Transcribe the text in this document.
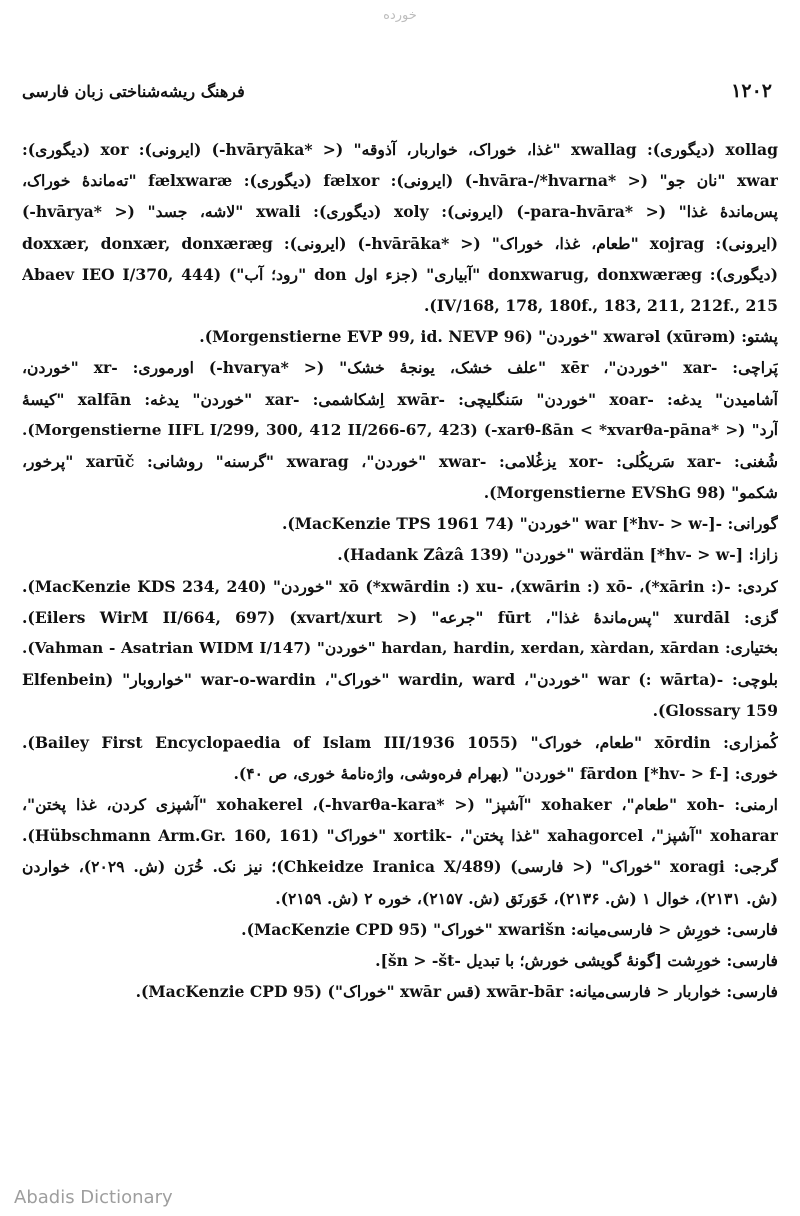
خورده
فرهنگ ریشه‌شناختی زبان فارسی	۱۲۰۲
xollag (دیگوری): xwallag "غذا، خوراک، خواربار، آذوقه" (< *hvāryāka-) (ایرونی): xor (دیگوری):
xwar "نان جو" (< *hvāra-/*hvarna-) (ایرونی): fælxor (دیگوری): fælxwaræ "ته‌ماندهٔ خوراک،
پس‌ماندهٔ غذا" (< *para-hvāra-) (ایرونی): xoly (دیگوری): xwali "لاشه، جسد" (< *hvārya-)
(ایرونی): xojrag "طعام، غذا، خوراک" (< *hvārāka-) (ایرونی): doxxær, donxær, donxæræg
(دیگوری): donxwarug, donxwæræg "آبیاری" (جزء اول don "رود؛ آب") (Abaev IEO I/370, 444
IV/168, 178, 180f., 183, 211, 212f., 215).
پشتو: xwarəl (xūrəm) "خوردن" (Morgenstierne EVP 99, id. NEVP 96).
پَراچی: -xar "خوردن"، xēr "علف خشک، یونجهٔ خشک" (< *hvarya-) اورموری: -xr "خوردن،
آشامیدن" یدغه: -xoar "خوردن" سَنگلیچی: -xwār اِشکاشمی: -xar "خوردن" یدغه: xalfān "کیسهٔ
آرد" (< *xarθ-ßān < *xvarθa-pāna-) (Morgenstierne IIFL I/299, 300, 412 II/266-67, 423).
شُغنی: -xar سَریکُلی: -xor یزغُلامی: -xwar "خوردن"، xwarag "گرسنه" روشانی: xarūč "پرخور،
شکمو" (Morgenstierne EVShG 98).
گورانی: -war [*hv- > w-] "خوردن" (MacKenzie TPS 1961 74).
زازا: wärdän [*hv- > w-] "خوردن" (Hadank Zâzâ 139).
کردی: -xō (*xwārdin :) xu- ،(xwārin :) xō- ،(*xārin :) "خوردن" (MacKenzie KDS 234, 240).
گزی: xurdāl "پس‌ماندهٔ غذا"، fūrt "جرعه" (< xvart/xurt) (Eilers WirM II/664, 697).
بختیاری: hardan, hardin, xerdan, xàrdan, xārdan "خوردن" (Vahman - Asatrian WIDM I/147).
بلوچی: -war (: wārta) "خوردن"، wardin, ward "خوراک"، war-o-wardin "خواروبار" (Elfenbein
Glossary 159).
کُمزاری: xōrdin "طعام، خوراک" (Bailey First Encyclopaedia of Islam III/1936 1055).
خوری: fārdon [*hv- > f-] "خوردن" (بهرام فره‌وشی، واژه‌نامهٔ خوری، ص ۴۰).
ارمنی: -xoh "طعام"، xohaker "آشپز" (< *hvarθa-kara-)، xohakerel "آشپزی کردن، غذا پختن"،
xoharar "آشپز"، xahagorcel "غذا پختن"، -xortik "خوراک" (Hübschmann Arm.Gr. 160, 161).
گرجی: xoragi "خوراک" (< فارسی) (Chkeidze Iranica X/489)؛ نیز نک. خُرَن (ش. ۲۰۲۹)، خواردن
(ش. ۲۱۳۱)، خوال ۱ (ش. ۲۱۳۶)، خَوَرنَق (ش. ۲۱۵۷)، خوره ۲ (ش. ۲۱۵۹).
فارسی: خورِش < فارسی‌میانه: xwarišn "خوراک" (MacKenzie CPD 95).
فارسی: خورِشت [گونهٔ گویشی خورش؛ با تبدیل -šn > -št].
فارسی: خواربار < فارسی‌میانه: xwār-bār (قس xwār "خوراک") (MacKenzie CPD 95).
Abadis Dictionary
